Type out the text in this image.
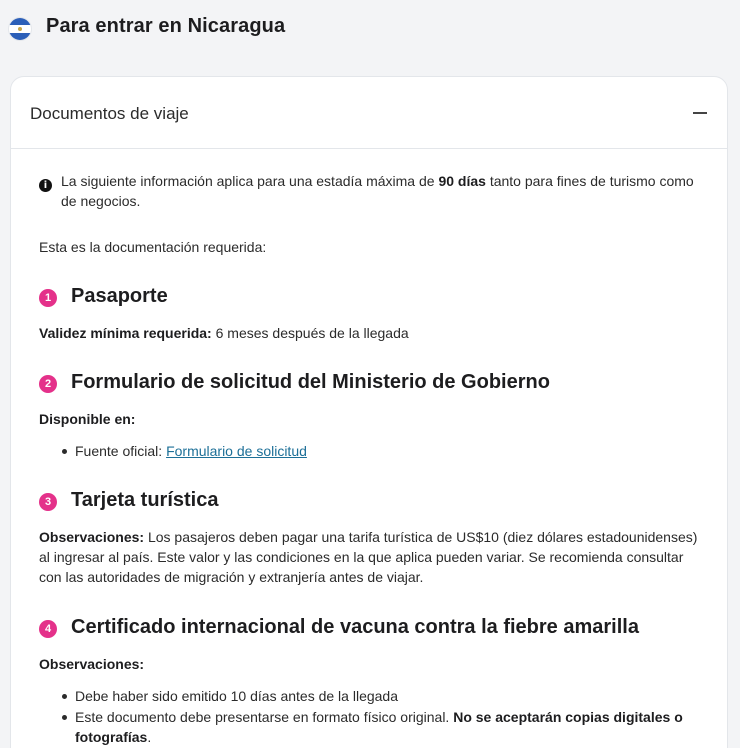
Para entrar en Nicaragua
Documentos de viaje
i La siguiente información aplica para una estadía máxima de 90 días tanto para fines de turismo como de negocios.
Esta es la documentación requerida:
1 Pasaporte
Validez mínima requerida: 6 meses después de la llegada
2 Formulario de solicitud del Ministerio de Gobierno
Disponible en:
Fuente oficial: Formulario de solicitud
3 Tarjeta turística
Observaciones: Los pasajeros deben pagar una tarifa turística de US$10 (diez dólares estadounidenses) al ingresar al país. Este valor y las condiciones en la que aplica pueden variar. Se recomienda consultar con las autoridades de migración y extranjería antes de viajar.
4 Certificado internacional de vacuna contra la fiebre amarilla
Observaciones:
Debe haber sido emitido 10 días antes de la llegada
Este documento debe presentarse en formato físico original. No se aceptarán copias digitales o fotografías.
